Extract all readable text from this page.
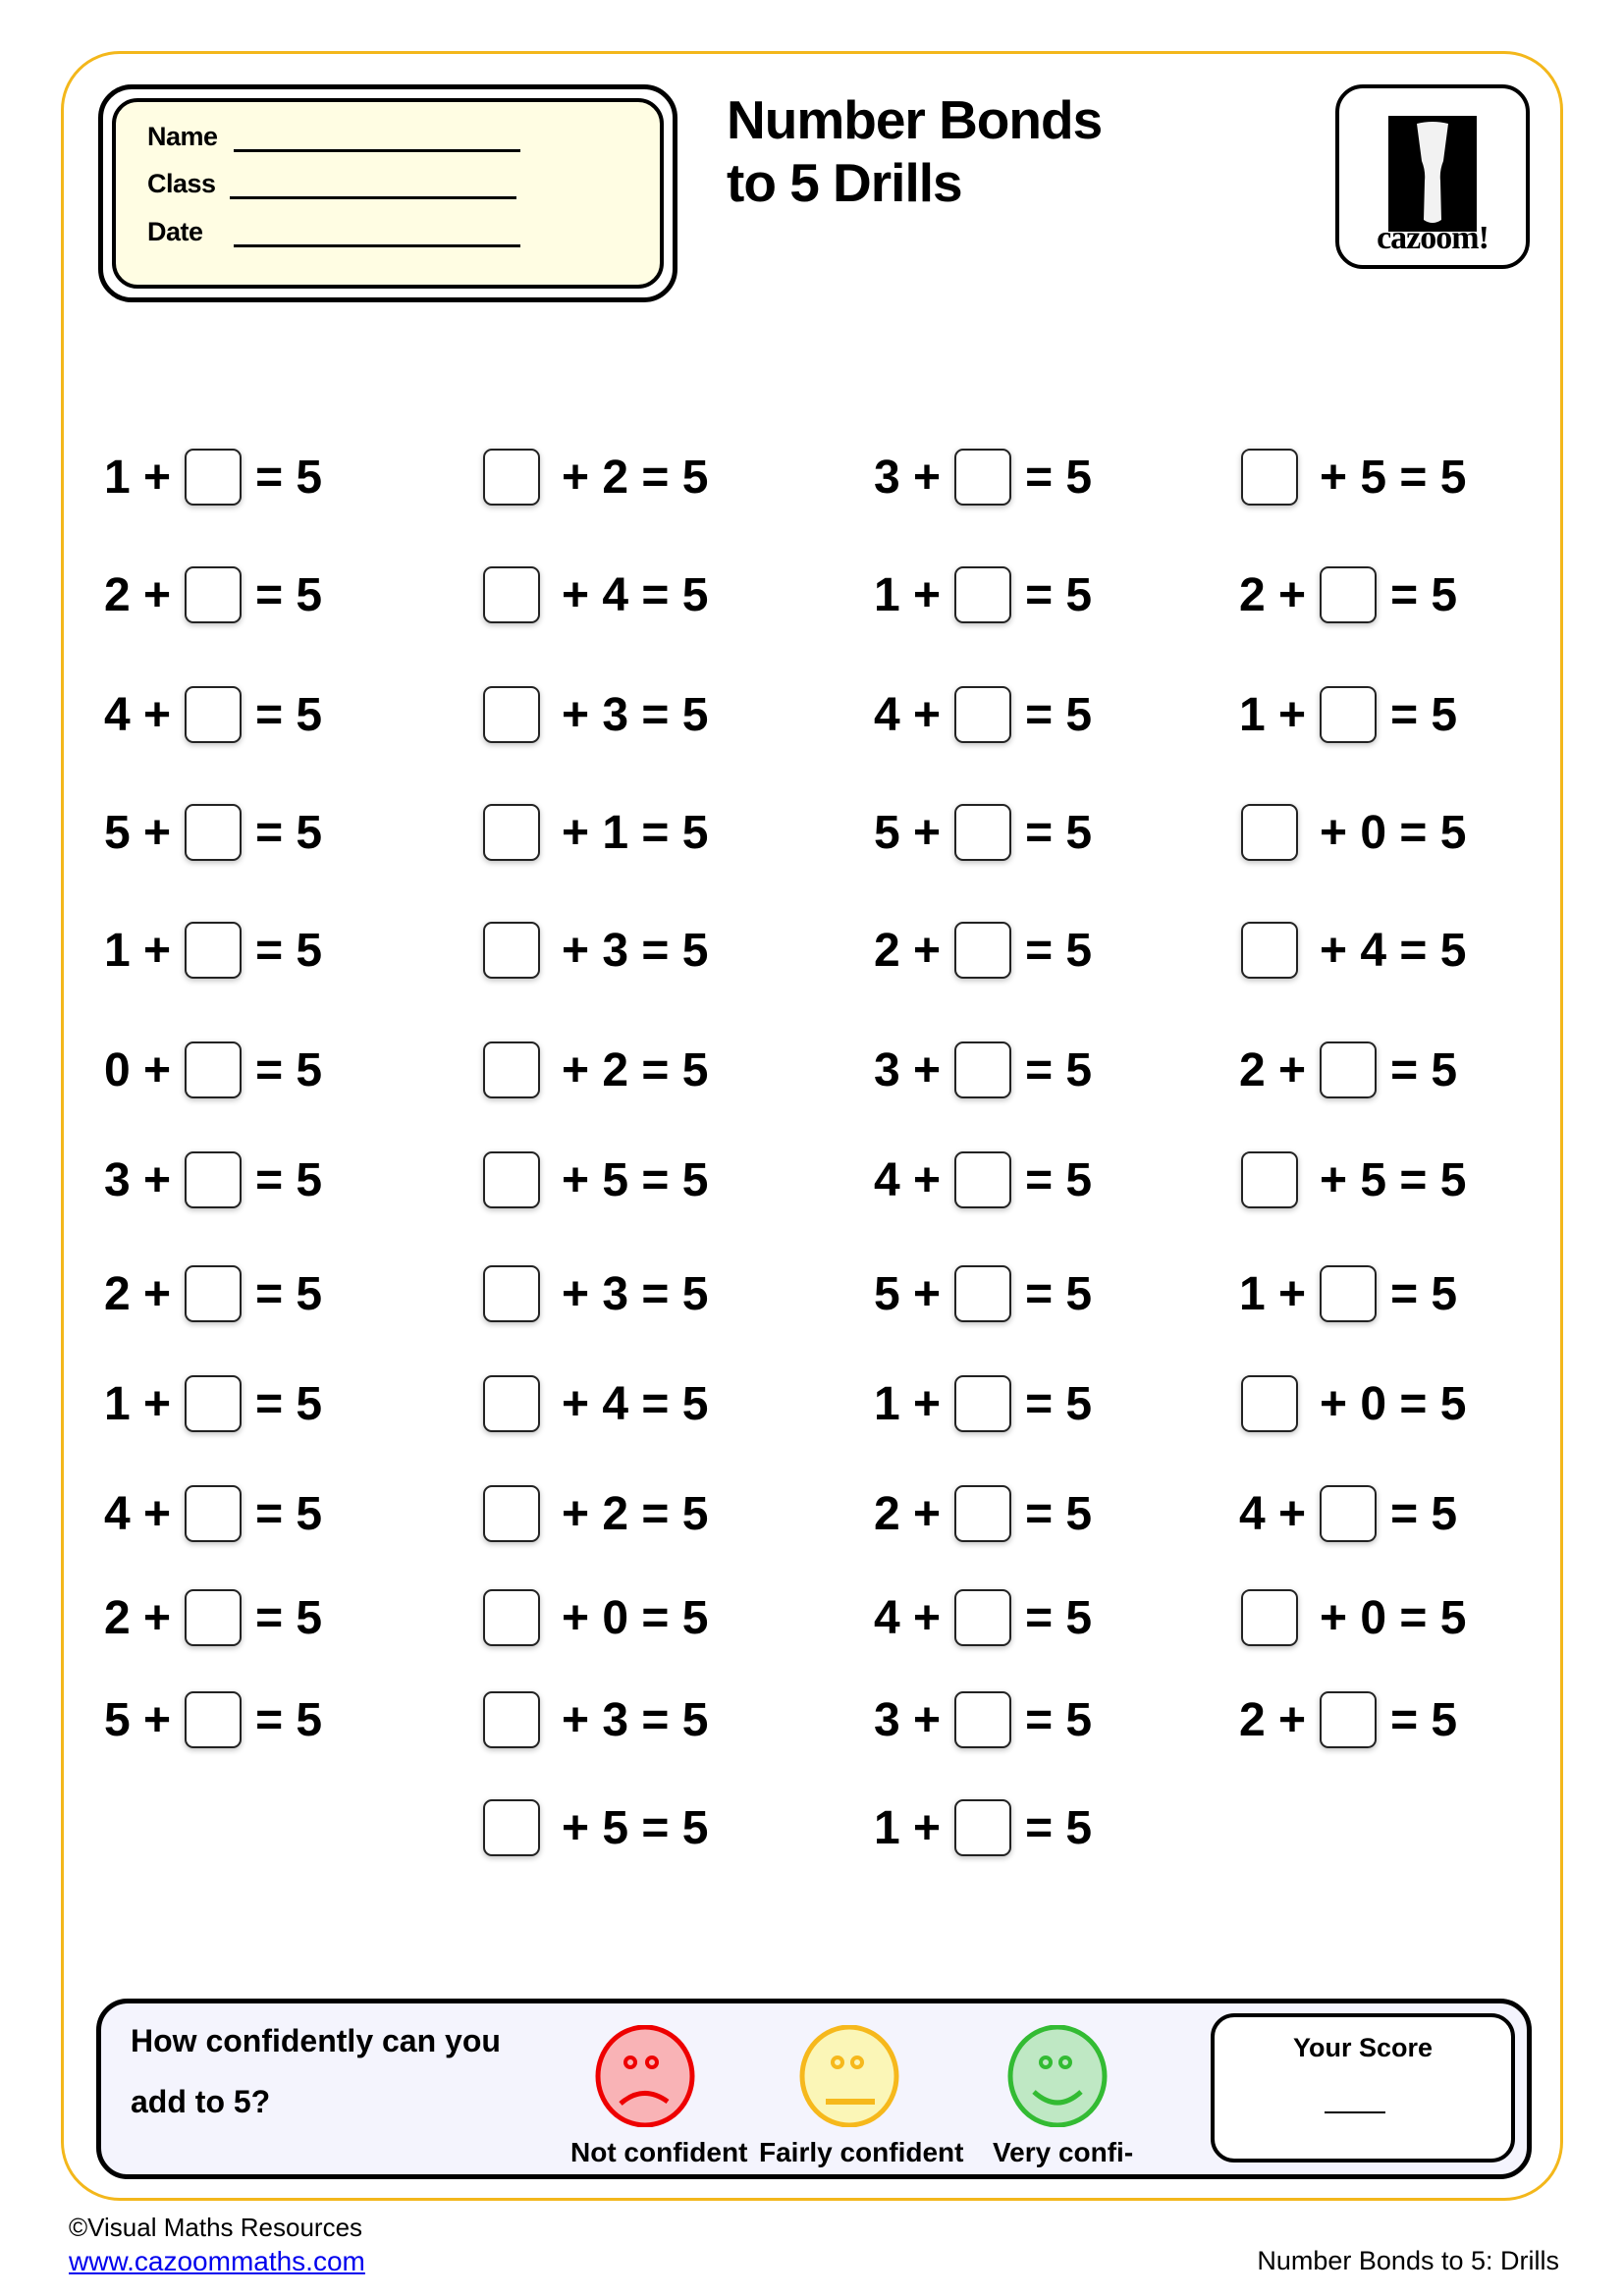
Name
Class
Date
Number Bonds
to 5 Drills
cazoom!
1 + = 5
2 + = 5
4 + = 5
5 + = 5
1 + = 5
0 + = 5
3 + = 5
2 + = 5
1 + = 5
4 + = 5
2 + = 5
5 + = 5
+ 2 = 5
+ 4 = 5
+ 3 = 5
+ 1 = 5
+ 3 = 5
+ 2 = 5
+ 5 = 5
+ 3 = 5
+ 4 = 5
+ 2 = 5
+ 0 = 5
+ 3 = 5
+ 5 = 5
3 + = 5
1 + = 5
4 + = 5
5 + = 5
2 + = 5
3 + = 5
4 + = 5
5 + = 5
1 + = 5
2 + = 5
4 + = 5
3 + = 5
1 + = 5
+ 5 = 5
2 + = 5
1 + = 5
+ 0 = 5
+ 4 = 5
2 + = 5
+ 5 = 5
1 + = 5
+ 0 = 5
4 + = 5
+ 0 = 5
2 + = 5
How confidently can you
add to 5?
Not confident Fairly confident Very confi-
Your Score
©Visual Maths Resources
www.cazoommaths.com	Number Bonds to 5: Drills
